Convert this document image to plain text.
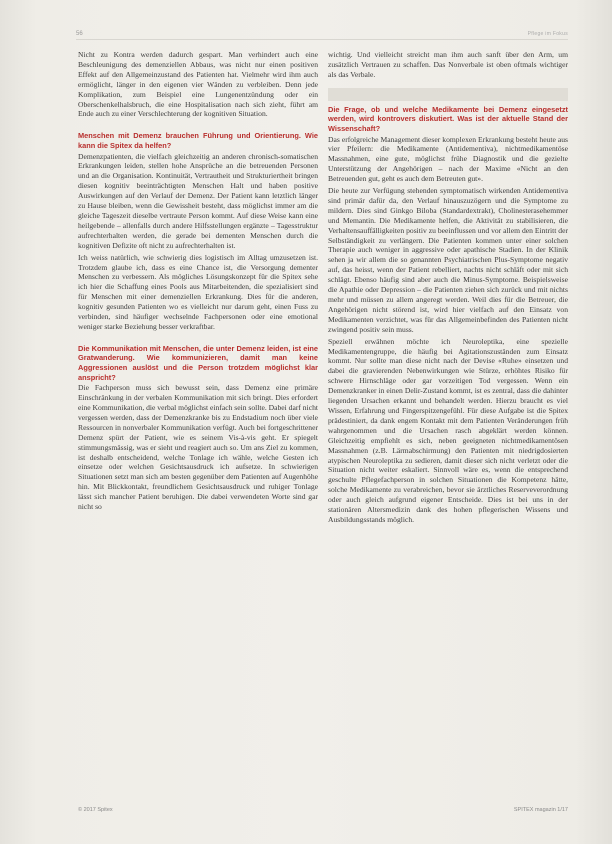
56	Pflege im Fokus

Nicht zu Kontra werden dadurch gespart. Man verhindert auch eine Beschleunigung des demenziellen Abbaus, was nicht nur einen positiven Effekt auf den Allgemeinzustand des Patienten hat. Vielmehr wird ihm auch ermöglicht, länger in den eigenen vier Wänden zu verbleiben. Denn jede Komplikation, zum Beispiel eine Lungenentzündung oder ein Oberschenkelhalsbruch, die eine Hospitalisation nach sich zieht, führt am Ende auch zu einer Verschlechterung der kognitiven Situation.

Menschen mit Demenz brauchen Führung und Orientierung. Wie kann die Spitex da helfen?

Demenzpatienten, die vielfach gleichzeitig an anderen chronisch-somatischen Erkrankungen leiden, stellen hohe Ansprüche an die betreuenden Personen und an die Organisation. Kontinuität, Vertrautheit und Strukturiertheit bringen diesen kognitiv beeinträchtigten Menschen Halt und haben positive Auswirkungen auf den Verlauf der Demenz. Der Patient kann letztlich länger zu Hause bleiben, wenn die Gewissheit besteht, dass möglichst immer am die gleiche Tageszeit dieselbe vertraute Person kommt. Auf diese Weise kann eine heilgebende – allenfalls durch andere Hilfsstellungen ergänzte – Tagesstruktur aufrechterhalten werden, die gerade bei dementen Menschen durch die kognitiven Defizite oft nicht zu aufrechterhalten ist.

Ich weiss natürlich, wie schwierig dies logistisch im Alltag umzusetzen ist. Trotzdem glaube ich, dass es eine Chance ist, die Versorgung dementer Menschen zu verbessern. Als mögliches Lösungskonzept für die Spitex sehe ich hier die Schaffung eines Pools aus Mitarbeitenden, die spezialisiert sind für Menschen mit einer demenziellen Erkrankung. Dies für die anderen, kognitiv gesunden Patienten wo es vielleicht nur darum geht, einen Fuss zu verbinden, sind häufiger wechselnde Fachpersonen oder eine emotional weniger starke Beziehung besser verkraftbar.

Die Kommunikation mit Menschen, die unter Demenz leiden, ist eine Gratwanderung. Wie kommunizieren, damit man keine Aggressionen auslöst und die Person trotzdem möglichst klar anspricht?

Die Fachperson muss sich bewusst sein, dass Demenz eine primäre Einschränkung in der verbalen Kommunikation mit sich bringt. Dies erfordert eine Kommunikation, die verbal möglichst einfach sein sollte. Dabei darf nicht vergessen werden, dass der Demenzkranke bis zu Endstadium noch über viele Ressourcen in nonverbaler Kommunikation verfügt. Auch bei fortgeschrittener Demenz spürt der Patient, wie es seinem Vis-à-vis geht. Er spiegelt stimmungsmässig, was er sieht und reagiert auch so. Um ans Ziel zu kommen, ist deshalb entscheidend, welche Tonlage ich wähle, welche Gesten ich einsetze oder welchen Gesichtsausdruck ich aufsetze. In schwierigen Situationen setzt man sich am besten gegenüber dem Patienten auf Augenhöhe hin. Mit Blickkontakt, freundlichem Gesichtsausdruck und ruhiger Tonlage lässt sich mancher Patient beruhigen. Die dabei verwendeten Worte sind gar nicht so

wichtig. Und vielleicht streicht man ihm auch sanft über den Arm, um zusätzlich Vertrauen zu schaffen. Das Nonverbale ist oben oftmals wichtiger als das Verbale.

Die Frage, ob und welche Medikamente bei Demenz eingesetzt werden, wird kontrovers diskutiert. Was ist der aktuelle Stand der Wissenschaft?

Das erfolgreiche Management dieser komplexen Erkrankung besteht heute aus vier Pfeilern: die Medikamente (Antidementiva), nichtmedikamentöse Massnahmen, eine gute, möglichst frühe Diagnostik und die gezielte Unterstützung der Angehörigen – nach der Maxime «Nicht an den Betreuenden gut, geht es auch dem Betreuten gut».

Die heute zur Verfügung stehenden symptomatisch wirkenden Antidementiva sind primär dafür da, den Verlauf hinauszuzögern und die Symptome zu mildern. Dies sind Ginkgo Biloba (Standardextrakt), Cholinesterasehemmer und Memantin. Die Medikamente helfen, die Aktivität zu stabilisieren, die Verhaltensauffälligkeiten positiv zu beeinflussen und vor allem den Eintritt der Selbständigkeit zu verlängern. Die Patienten kommen unter einer solchen Therapie auch weniger in aggressive oder apathische Stadien. In der Klinik sehen ja wir allem die so genannten Psychiatrischen Plus-Symptome negativ auf, das heisst, wenn der Patient rebelliert, nachts nicht schläft oder mit sich schlägt. Ebenso häufig sind aber auch die Minus-Symptome. Beispielsweise die Apathie oder Depression – die Patienten ziehen sich zurück und mit nichts mehr und müssen zu allem angeregt werden. Weil dies für die Betreuer, die Angehörigen nicht störend ist, wird hier vielfach auf den Einsatz von Medikamenten verzichtet, was für das Allgemeinbefinden des Patienten nicht zwingend positiv sein muss.

Speziell erwähnen möchte ich Neuroleptika, eine spezielle Medikamentengruppe, die häufig bei Agitationszuständen zum Einsatz kommt. Nur sollte man diese nicht nach der Devise «Ruhe» einsetzen und dabei die gravierenden Nebenwirkungen wie Stürze, erhöhtes Risiko für schwere Hirnschläge oder gar vorzeitigen Tod vergessen. Wenn ein Demenzkranker in einen Delir-Zustand kommt, ist es zentral, dass die dahinter liegenden Ursachen erkannt und behandelt werden. Hierzu braucht es viel Wissen, Erfahrung und Fingerspitzengefühl. Für diese Aufgabe ist die Spitex prädestiniert, da dank engem Kontakt mit dem Patienten Veränderungen früh wahrgenommen und die Ursachen rasch abgeklärt werden können. Gleichzeitig empfiehlt es sich, neben geeigneten nichtmedikamentösen Massnahmen (z.B. Lärmabschirmung) den Patienten mit niedrigdosierten atypischen Neuroleptika zu sedieren, damit dieser sich nicht verletzt oder die Situation nicht weiter eskaliert. Sinnvoll wäre es, wenn die entsprechend geschulte Pflegefachperson in solchen Situationen die Kompetenz hätte, solche Medikamente zu verabreichen, bevor sie ärztliches Reserveverordnung oder auch gleich aufgrund eigener Entscheide. Dies ist bei uns in der stationären Altersmedizin dank des hohen pflegerischen Wissens und Ausbildungsstands möglich.

© 2017 Spitex	SPITEX magazin 1/17
